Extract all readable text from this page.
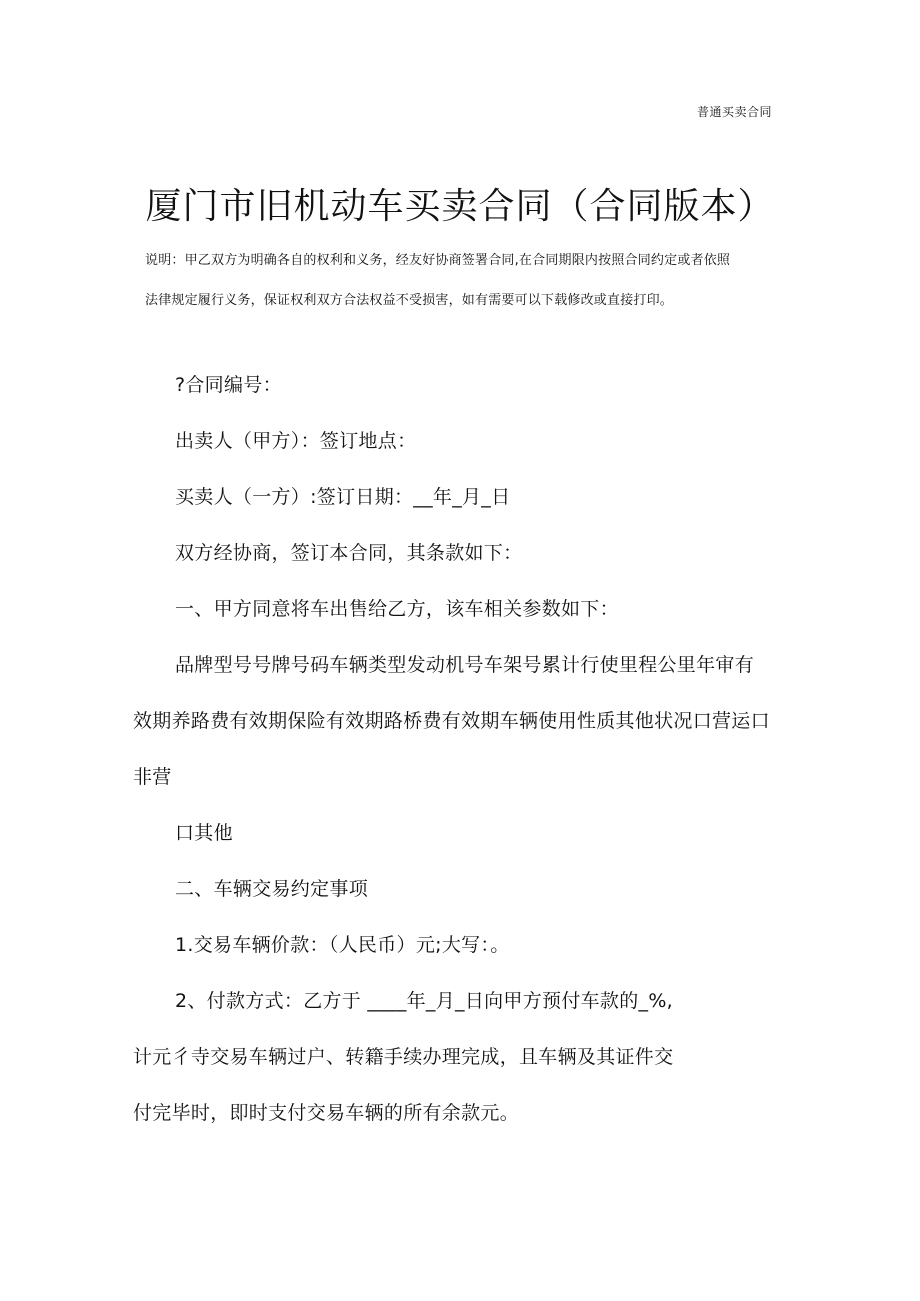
普通买卖合同
厦门市旧机动车买卖合同（合同版本）
说明：甲乙双方为明确各自的权利和义务，经友好协商签署合同,在合同期限内按照合同约定或者依照
法律规定履行义务，保证权利双方合法权益不受损害，如有需要可以下载修改或直接打印。
?合同编号：
出卖人（甲方）：签订地点：
买卖人（一方）:签订日期：__年_月_日
双方经协商，签订本合同，其条款如下：
一、甲方同意将车出售给乙方，该车相关参数如下：
品牌型号号牌号码车辆类型发动机号车架号累计行使里程公里年审有
效期养路费有效期保险有效期路桥费有效期车辆使用性质其他状况口营运口
非营
口其他
二、车辆交易约定事项
1.交易车辆价款：（人民币）元;大写：。
2、付款方式：乙方于 ____年_月_日向甲方预付车款的_%,
计元彳寺交易车辆过户、转籍手续办理完成，且车辆及其证件交
付完毕时，即时支付交易车辆的所有余款元。
